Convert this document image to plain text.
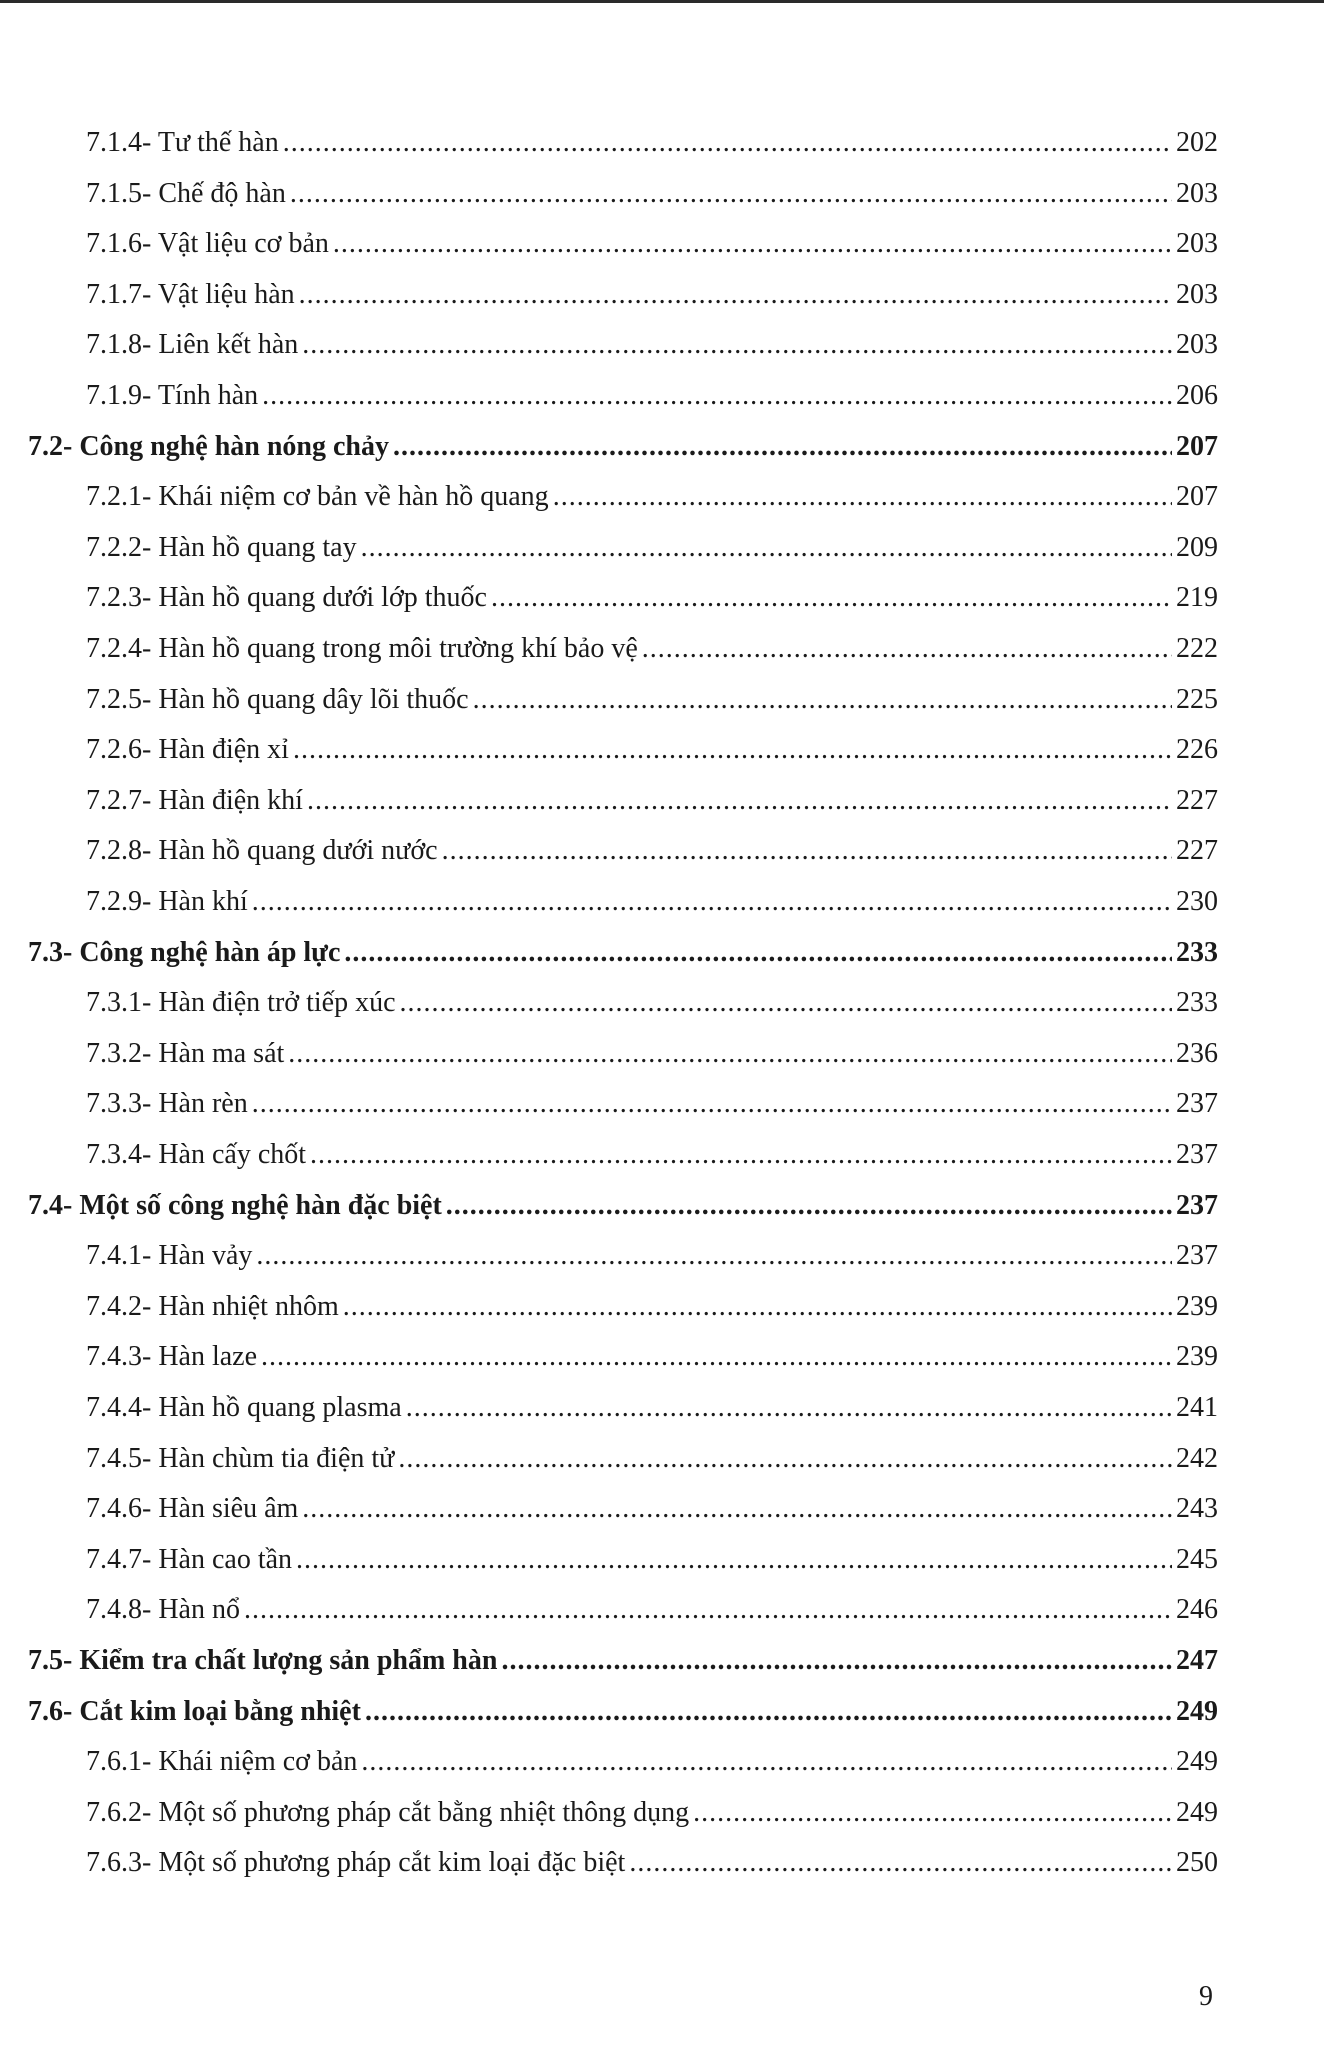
7.1.4- Tư thế hàn . . .	202
7.1.5- Chế độ hàn . . .	203
7.1.6- Vật liệu cơ bản . . .	203
7.1.7- Vật liệu hàn . . .	203
7.1.8- Liên kết hàn . . .	203
7.1.9- Tính hàn . . .	206
7.2- Công nghệ hàn nóng chảy . . .	207
7.2.1- Khái niệm cơ bản về hàn hồ quang . . .	207
7.2.2- Hàn hồ quang tay . . .	209
7.2.3- Hàn hồ quang dưới lớp thuốc . . .	219
7.2.4- Hàn hồ quang trong môi trường khí bảo vệ . . .	222
7.2.5- Hàn hồ quang dây lõi thuốc . . .	225
7.2.6- Hàn điện xỉ . . .	226
7.2.7- Hàn điện khí . . .	227
7.2.8- Hàn hồ quang dưới nước . . .	227
7.2.9- Hàn khí . . .	230
7.3- Công nghệ hàn áp lực . . .	233
7.3.1- Hàn điện trở tiếp xúc . . .	233
7.3.2- Hàn ma sát . . .	236
7.3.3- Hàn rèn . . .	237
7.3.4- Hàn cấy chốt . . .	237
7.4- Một số công nghệ hàn đặc biệt . . .	237
7.4.1- Hàn vảy . . .	237
7.4.2- Hàn nhiệt nhôm . . .	239
7.4.3- Hàn laze . . .	239
7.4.4- Hàn hồ quang plasma . . .	241
7.4.5- Hàn chùm tia điện tử . . .	242
7.4.6- Hàn siêu âm . . .	243
7.4.7- Hàn cao tần . . .	245
7.4.8- Hàn nổ . . .	246
7.5- Kiểm tra chất lượng sản phẩm hàn . . .	247
7.6- Cắt kim loại bằng nhiệt . . .	249
7.6.1- Khái niệm cơ bản . . .	249
7.6.2- Một số phương pháp cắt bằng nhiệt thông dụng . . .	249
7.6.3- Một số phương pháp cắt kim loại đặc biệt . . .	250
9
